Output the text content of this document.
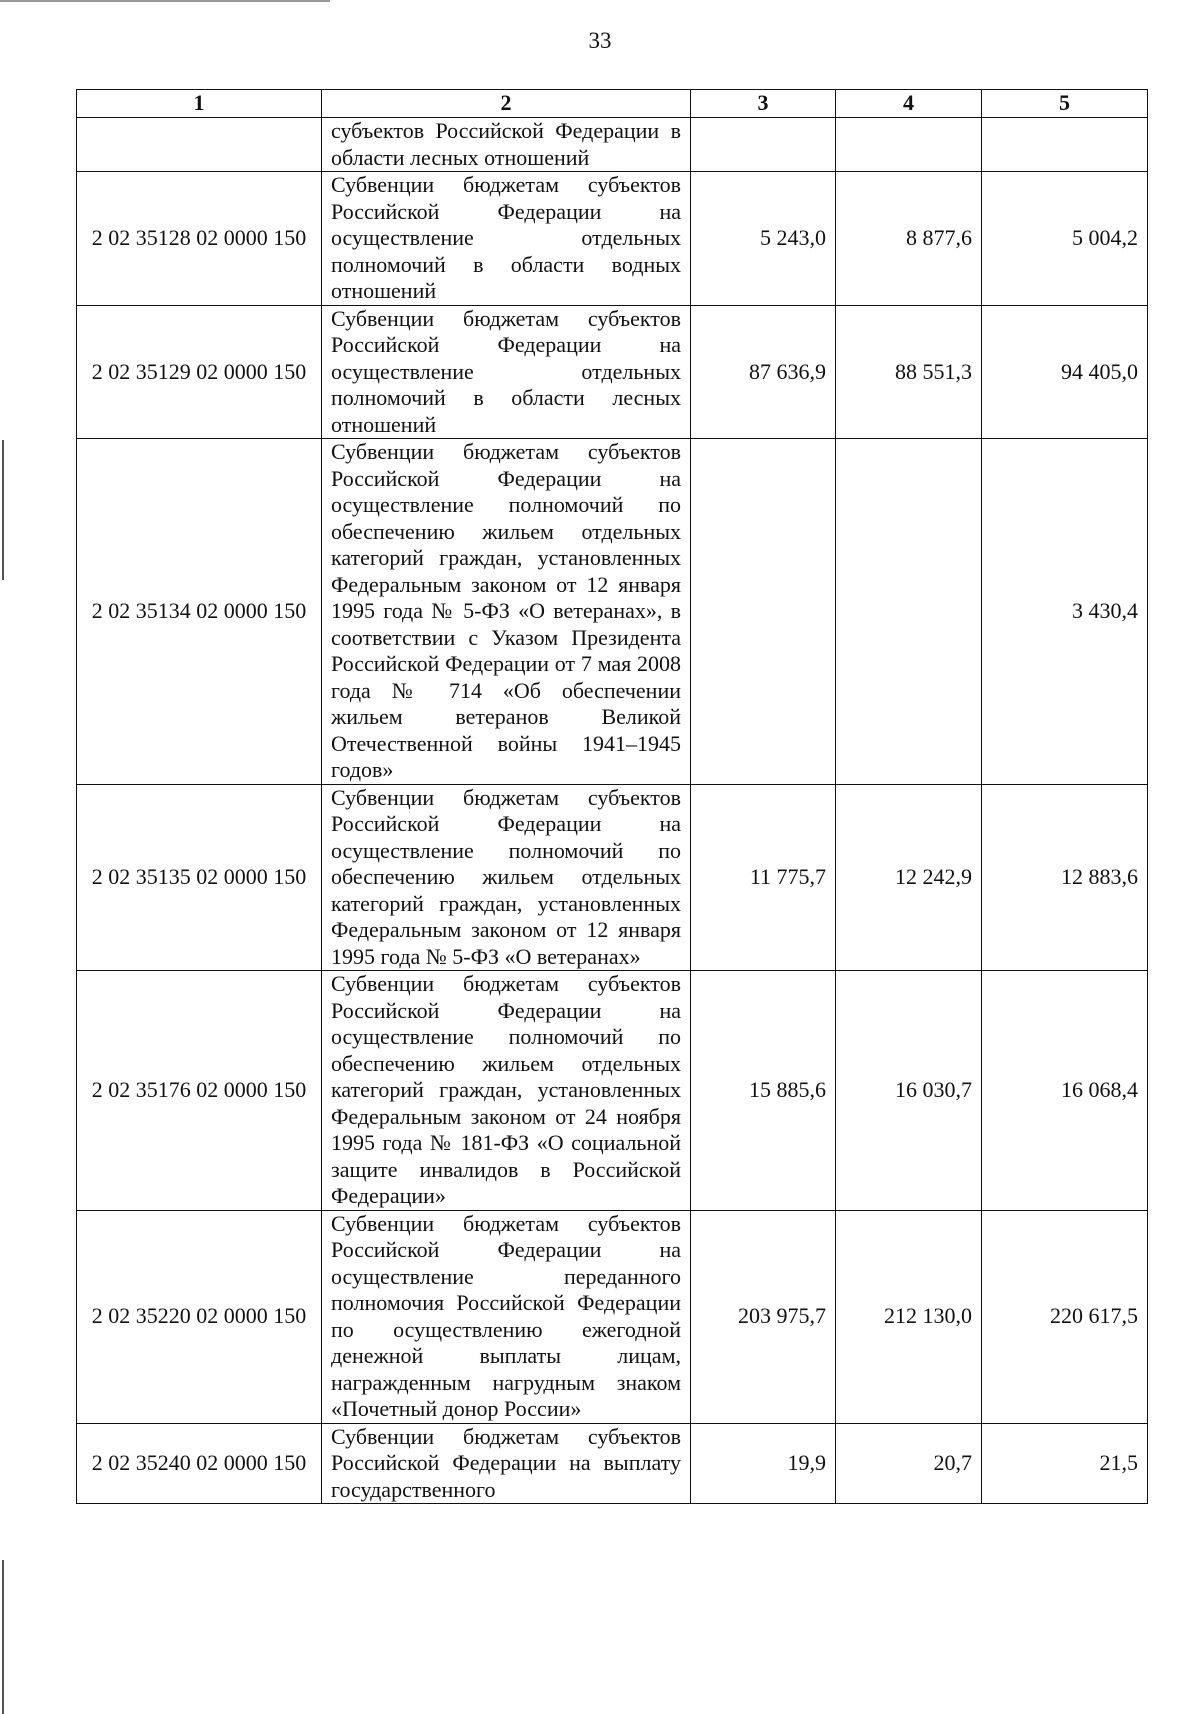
33
1	2	3	4	5
	субъектов Российской Федерации в области лесных отношений			
2 02 35128 02 0000 150	Субвенции бюджетам субъектов Российской Федерации на осуществление отдельных полномочий в области водных отношений	5 243,0	8 877,6	5 004,2
2 02 35129 02 0000 150	Субвенции бюджетам субъектов Российской Федерации на осуществление отдельных полномочий в области лесных отношений	87 636,9	88 551,3	94 405,0
2 02 35134 02 0000 150	Субвенции бюджетам субъектов Российской Федерации на осуществление полномочий по обеспечению жильем отдельных категорий граждан, установленных Федеральным законом от 12 января 1995 года № 5-ФЗ «О ветеранах», в соответствии с Указом Президента Российской Федерации от 7 мая 2008 года № 714 «Об обеспечении жильем ветеранов Великой Отечественной войны 1941–1945 годов»			3 430,4
2 02 35135 02 0000 150	Субвенции бюджетам субъектов Российской Федерации на осуществление полномочий по обеспечению жильем отдельных категорий граждан, установленных Федеральным законом от 12 января 1995 года № 5-ФЗ «О ветеранах»	11 775,7	12 242,9	12 883,6
2 02 35176 02 0000 150	Субвенции бюджетам субъектов Российской Федерации на осуществление полномочий по обеспечению жильем отдельных категорий граждан, установленных Федеральным законом от 24 ноября 1995 года № 181-ФЗ «О социальной защите инвалидов в Российской Федерации»	15 885,6	16 030,7	16 068,4
2 02 35220 02 0000 150	Субвенции бюджетам субъектов Российской Федерации на осуществление переданного полномочия Российской Федерации по осуществлению ежегодной денежной выплаты лицам, награжденным нагрудным знаком «Почетный донор России»	203 975,7	212 130,0	220 617,5
2 02 35240 02 0000 150	Субвенции бюджетам субъектов Российской Федерации на выплату государственного	19,9	20,7	21,5
